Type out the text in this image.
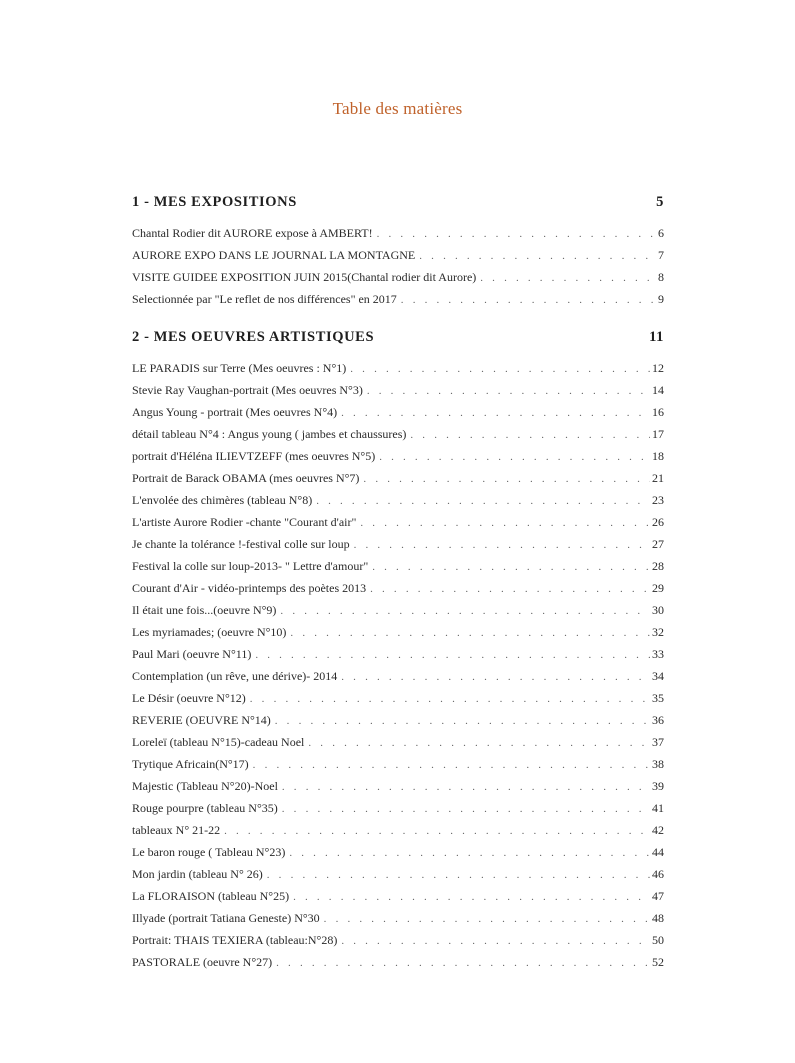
Table des matières
1 - MES EXPOSITIONS	5
Chantal Rodier dit AURORE expose à AMBERT! . . .	6
AURORE EXPO DANS LE JOURNAL LA MONTAGNE . . .	7
VISITE GUIDEE EXPOSITION JUIN 2015(Chantal rodier dit Aurore) . . .	8
Selectionnée par "Le reflet de nos différences" en 2017 . . .	9
2 - MES OEUVRES ARTISTIQUES	11
LE PARADIS sur Terre (Mes oeuvres : N°1) . . .	12
Stevie Ray Vaughan-portrait (Mes oeuvres N°3) . . .	14
Angus Young - portrait (Mes oeuvres N°4) . . .	16
détail tableau N°4 : Angus young ( jambes et chaussures) . . .	17
portrait d'Héléna ILIEVTZEFF (mes oeuvres N°5) . . .	18
Portrait de Barack OBAMA (mes oeuvres N°7) . . .	21
L'envolée des chimères (tableau N°8) . . .	23
L'artiste Aurore Rodier -chante "Courant d'air" . . .	26
Je chante la tolérance !-festival colle sur loup . . .	27
Festival la colle sur loup-2013- " Lettre d'amour" . . .	28
Courant d'Air - vidéo-printemps des poètes 2013 . . .	29
Il était une fois...(oeuvre N°9) . . .	30
Les myriamades; (oeuvre N°10) . . .	32
Paul Mari (oeuvre N°11) . . .	33
Contemplation (un rêve, une dérive)- 2014 . . .	34
Le Désir (oeuvre N°12) . . .	35
REVERIE (OEUVRE N°14) . . .	36
Loreleï (tableau N°15)-cadeau Noel . . .	37
Trytique Africain(N°17) . . .	38
Majestic (Tableau N°20)-Noel . . .	39
Rouge pourpre (tableau N°35) . . .	41
tableaux N° 21-22 . . .	42
Le baron rouge ( Tableau N°23) . . .	44
Mon jardin (tableau N° 26) . . .	46
La FLORAISON (tableau N°25) . . .	47
Illyade (portrait Tatiana Geneste) N°30 . . .	48
Portrait: THAIS TEXIERA (tableau:N°28) . . .	50
PASTORALE (oeuvre N°27) . . .	52
